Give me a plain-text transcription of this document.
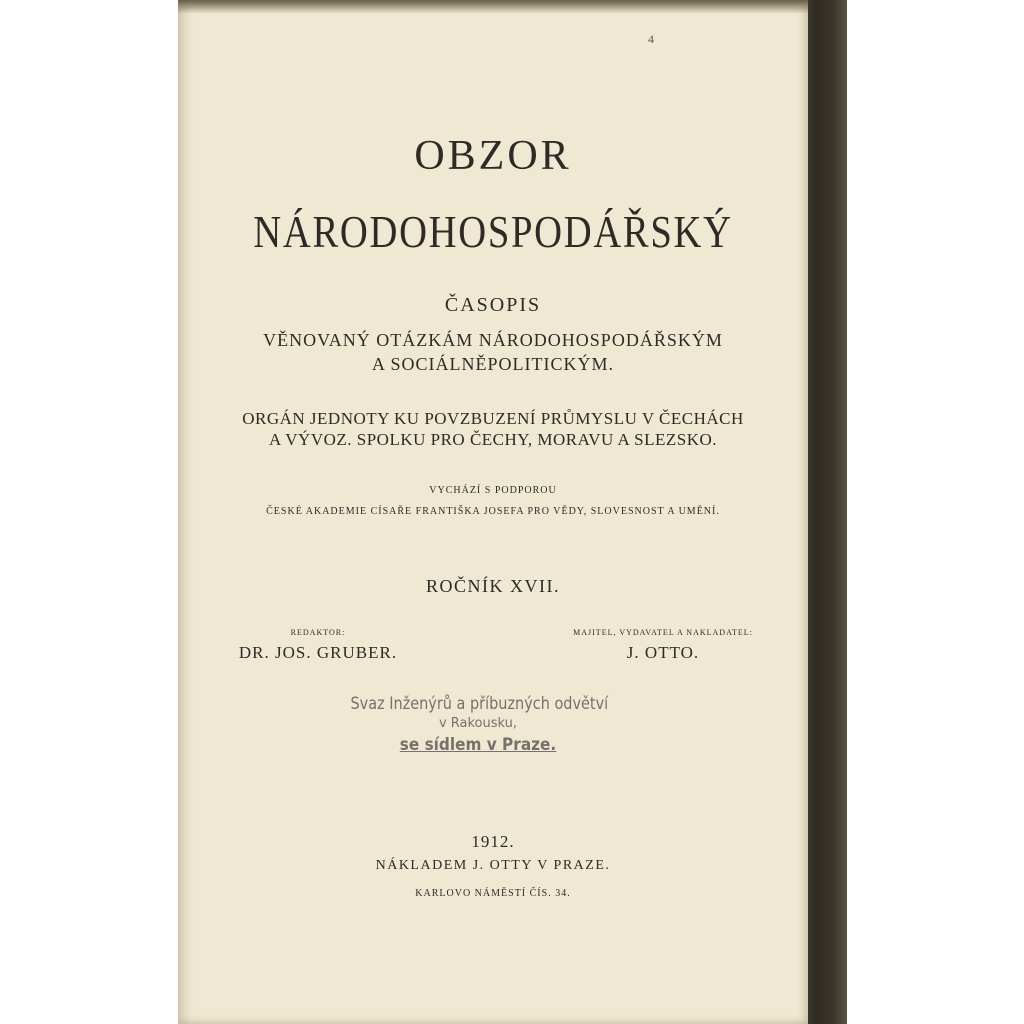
4
OBZOR
NÁRODOHOSPODÁŘSKÝ
ČASOPIS
VĚNOVANÝ OTÁZKÁM NÁRODOHOSPODÁŘSKÝM
A SOCIÁLNĚPOLITICKÝM.
ORGÁN JEDNOTY KU POVZBUZENÍ PRŮMYSLU V ČECHÁCH
A VÝVOZ. SPOLKU PRO ČECHY, MORAVU A SLEZSKO.
VYCHÁZÍ S PODPOROU
ČESKÉ AKADEMIE CÍSAŘE FRANTIŠKA JOSEFA PRO VĚDY, SLOVESNOST A UMĚNÍ.
ROČNÍK XVII.
REDAKTOR:
DR. JOS. GRUBER.
MAJITEL, VYDAVATEL A NAKLADATEL:
J. OTTO.
Svaz Inženýrů a příbuzných odvětví
v Rakousku,
se sídlem v Praze.
1912.
NÁKLADEM J. OTTY V PRAZE.
KARLOVO NÁMĚSTÍ ČÍS. 34.
